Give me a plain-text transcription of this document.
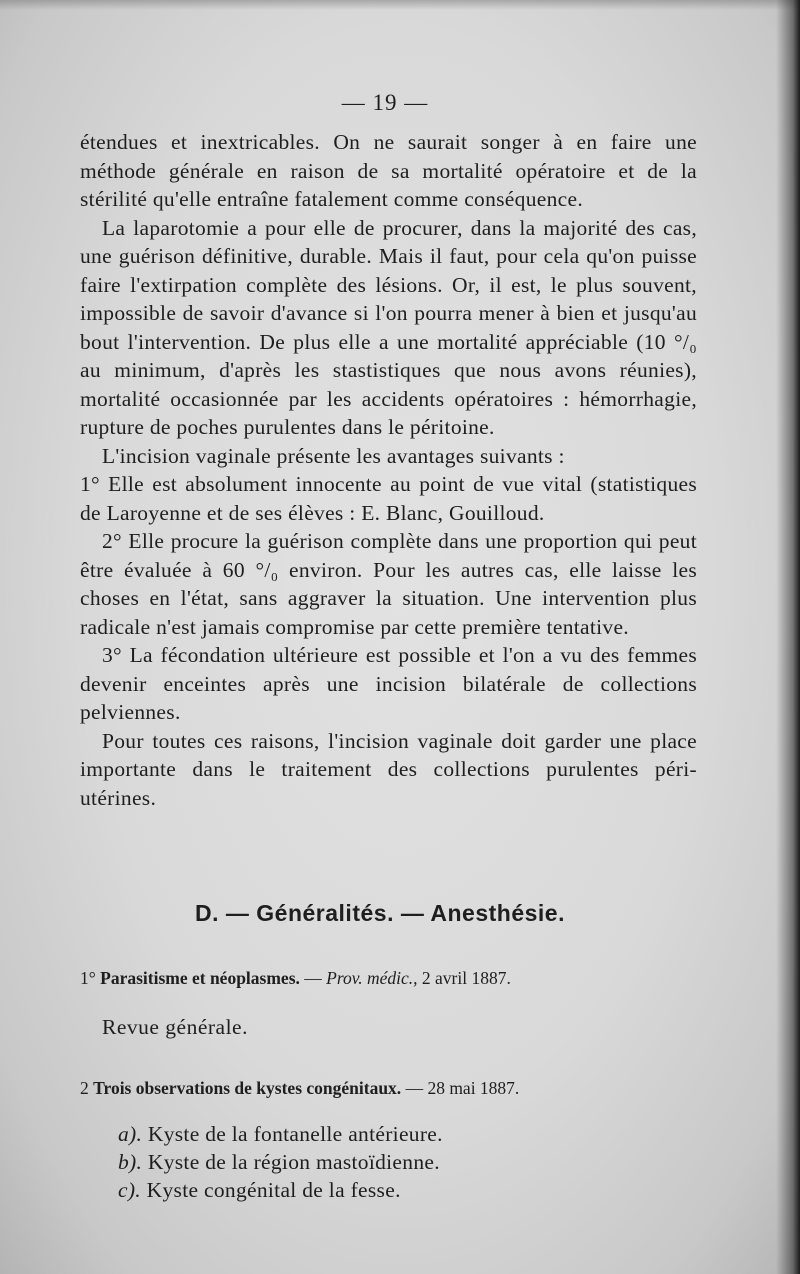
— 19 —

étendues et inextricables. On ne saurait songer à en faire une méthode générale en raison de sa mortalité opératoire et de la stérilité qu'elle entraîne fatalement comme conséquence.

La laparotomie a pour elle de procurer, dans la majorité des cas, une guérison définitive, durable. Mais il faut, pour cela qu'on puisse faire l'extirpation complète des lésions. Or, il est, le plus souvent, impossible de savoir d'avance si l'on pourra mener à bien et jusqu'au bout l'intervention. De plus elle a une mortalité appréciable (10 °/₀ au minimum, d'après les stastistiques que nous avons réunies), mortalité occasionnée par les accidents opératoires : hémorrhagie, rupture de poches purulentes dans le péritoine.

L'incision vaginale présente les avantages suivants :

1° Elle est absolument innocente au point de vue vital (statistiques de Laroyenne et de ses élèves : E. Blanc, Gouilloud.

2° Elle procure la guérison complète dans une proportion qui peut être évaluée à 60 °/₀ environ. Pour les autres cas, elle laisse les choses en l'état, sans aggraver la situation. Une intervention plus radicale n'est jamais compromise par cette première tentative.

3° La fécondation ultérieure est possible et l'on a vu des femmes devenir enceintes après une incision bilatérale de collections pelviennes.

Pour toutes ces raisons, l'incision vaginale doit garder une place importante dans le traitement des collections purulentes péri-utérines.

D. — Généralités. — Anesthésie.
1° Parasitisme et néoplasmes. — Prov. médic., 2 avril 1887.
Revue générale.
2 Trois observations de kystes congénitaux. — 28 mai 1887.
a). Kyste de la fontanelle antérieure.
b). Kyste de la région mastoïdienne.
c). Kyste congénital de la fesse.
